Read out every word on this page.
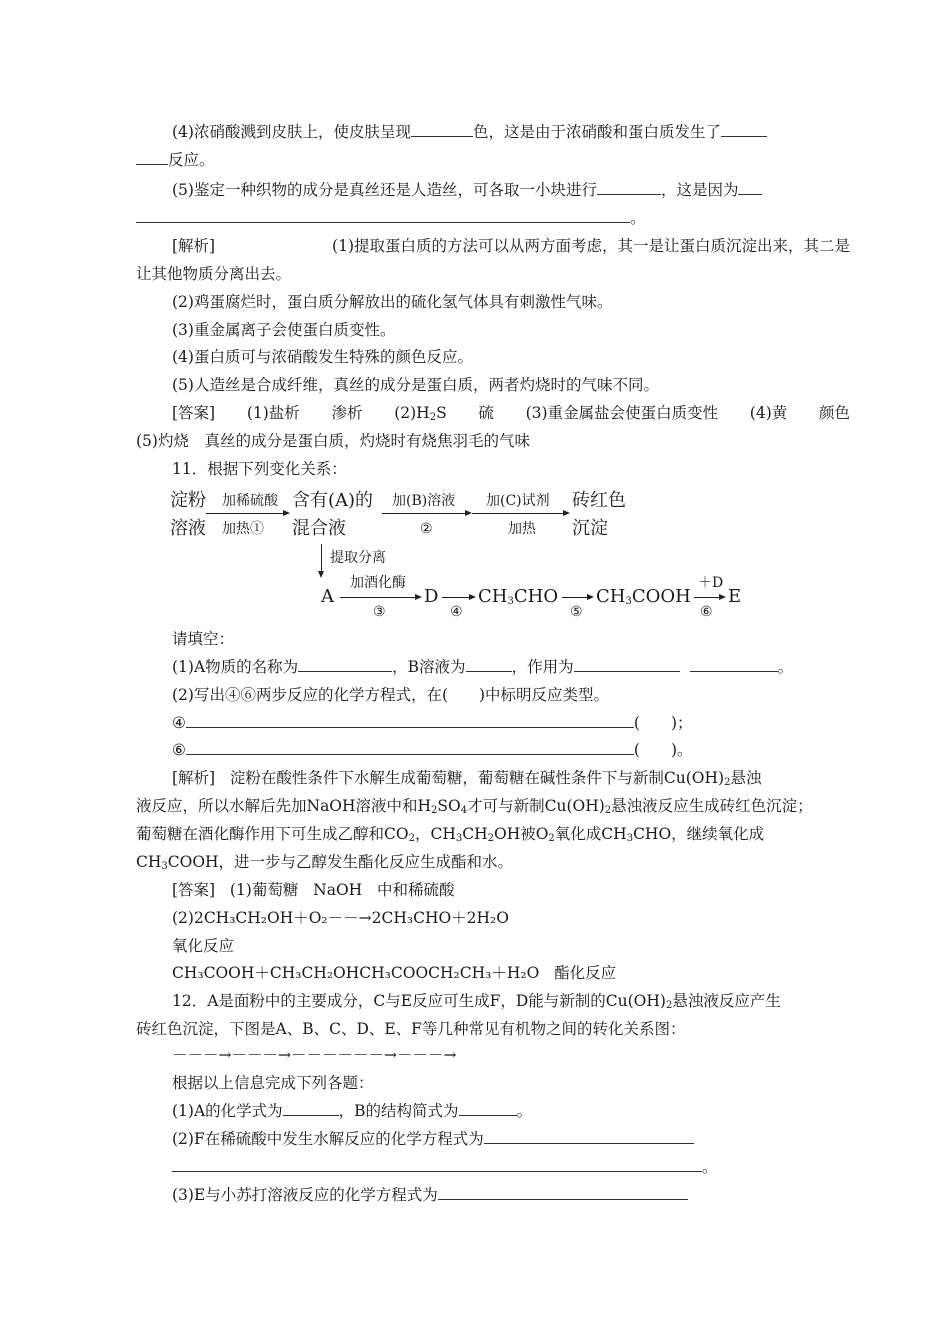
(4)浓硝酸溅到皮肤上，使皮肤呈现	色，这是由于浓硝酸和蛋白质发生了
反应。
(5)鉴定一种织物的成分是真丝还是人造丝，可各取一小块进行	，这是因为
。
[解析]	(1)提取蛋白质的方法可以从两方面考虑，其一是让蛋白质沉淀出来，其二是
让其他物质分离出去。
(2)鸡蛋腐烂时，蛋白质分解放出的硫化氢气体具有刺激性气味。
(3)重金属离子会使蛋白质变性。
(4)蛋白质可与浓硝酸发生特殊的颜色反应。
(5)人造丝是合成纤维，真丝的成分是蛋白质，两者灼烧时的气味不同。
[答案] (1)盐析 渗析 $(2)H_2S$ 硫 (3)重金属盐会使蛋白质变性 (4)黄 颜色
(5)灼烧　真丝的成分是蛋白质，灼烧时有烧焦羽毛的气味
11．根据下列变化关系：
淀粉
溶液
加稀硫酸
加热①
含有(A)的
混合液
加(B)溶液
②
加(C)试剂
加热
砖红色
沉淀
提取分离
A
加酒化酶
③
D
④
$CH_3CHO$
⑤
$CH_3COOH$
＋D
⑥
E
请填空：
(1)A物质的名称为	，B溶液为	，作用为	。
(2)写出④⑥两步反应的化学方程式，在(　　)中标明反应类型。
④	(　　)；
⑥	(　　)。
[解析] 淀粉在酸性条件下水解生成葡萄糖，葡萄糖在碱性条件下与新制$Cu(OH)_2$悬浊
液反应，所以水解后先加NaOH溶液中和$H_2SO_4$才可与新制$Cu(OH)_2$悬浊液反应生成砖红色沉淀；
葡萄糖在酒化酶作用下可生成乙醇和$CO_2$，$CH_3CH_2OH$被$O_2$氧化成$CH_3CHO$，继续氧化成
$CH_3COOH$，进一步与乙醇发生酯化反应生成酯和水。
[答案] (1)葡萄糖 NaOH 中和稀硫酸
(2)2CH₃CH₂OH＋O₂－－→2CH₃CHO＋2H₂O
氧化反应
CH₃COOH＋CH₃CH₂OHCH₃COOCH₂CH₃＋H₂O 酯化反应
12．A是面粉中的主要成分，C与E反应可生成F，D能与新制的$Cu(OH)_2$悬浊液反应产生
砖红色沉淀，下图是A、B、C、D、E、F等几种常见有机物之间的转化关系图：
－－－→－－－→－－－－－－→－－－→
根据以上信息完成下列各题：
(1)A的化学式为	，B的结构简式为	。
(2)F在稀硫酸中发生水解反应的化学方程式为
。
(3)E与小苏打溶液反应的化学方程式为
